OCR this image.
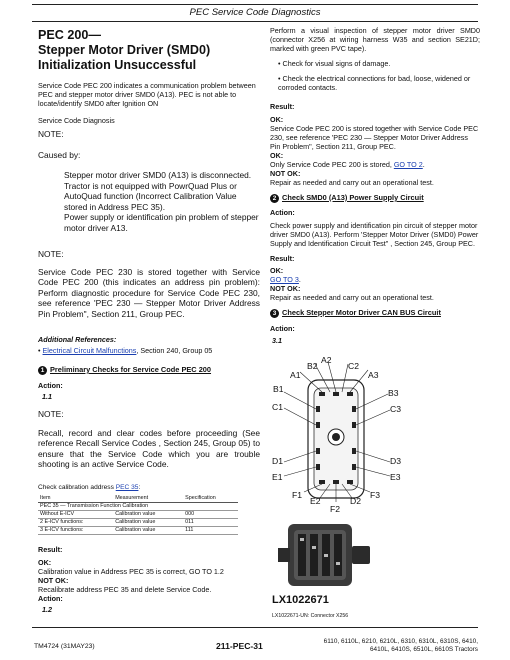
PEC Service Code Diagnostics
PEC 200—
Stepper Motor Driver (SMD0) Initialization Unsuccessful

Service Code PEC 200 indicates a communication problem between PEC and stepper motor driver SMD0 (A13). PEC is not able to locate/identify SMD0 after Ignition ON

Service Code Diagnosis

NOTE:

Caused by:

Stepper motor driver SMD0 (A13) is disconnected.
Tractor is not equipped with PowrQuad Plus or AutoQuad function (Incorrect Calibration Value stored in Address PEC 35).
Power supply or identification pin problem of stepper motor driver A13.

NOTE:

Service Code PEC 230 is stored together with Service Code PEC 200 (this indicates an address pin problem): Perform diagnostic procedure for Service Code PEC 230, see reference 'PEC 230 — Stepper Motor Driver Address Pin Problem", Section 211, Group PEC.

Additional References:

• Electrical Circuit Malfunctions, Section 240, Group 05

1 Preliminary Checks for Service Code PEC 200

Action:

1.1

NOTE:

Recall, record and clear codes before proceeding (See reference Recall Service Codes , Section 245, Group 05) to ensure that the Service Code which you are trouble shooting is an active Service Code.

Check calibration address PEC 35:

Item	Measurement	Specification
PEC 35 — Transmission Function Calibration		
Without E-ICV	Calibration value	000
2 E-ICV functions:	Calibration value	011
3 E-ICV functions:	Calibration value	111

Result:

OK:

Calibration value in Address PEC 35 is correct, GO TO 1.2

NOT OK:

Recalibrate address PEC 35 and delete Service Code.

Action:

1.2

Perform a visual inspection of stepper motor driver SMD0 (connector X256 at wiring harness W35 and section SE21D; marked with green PVC tape).

• Check for visual signs of damage.

• Check the electrical connections for bad, loose, widened or corroded contacts.

Result:

OK:

Service Code PEC 200 is stored together with Service Code PEC 230, see reference 'PEC 230 — Stepper Motor Driver Address Pin Problem", Section 211, Group PEC.

OK:

Only Service Code PEC 200 is stored, GO TO 2.

NOT OK:

Repair as needed and carry out an operational test.

2 Check SMD0 (A13) Power Supply Circuit

Action:

Check power supply and identification pin circuit of stepper motor driver SMD0 (A13). Perform 'Stepper Motor Driver (SMD0) Power Supply and Identification Circuit Test" , Section 245, Group PEC.

Result:

OK:

GO TO 3.

NOT OK:

Repair as needed and carry out an operational test.

3 Check Stepper Motor Driver CAN BUS Circuit

Action:

3.1

A2
B2	C2
A1	A3
B1	B3
C1	C3
D1	D3
E1	E3
F1	F3
E2	D2
F2
LX1022671
LX1022671-UN: Connector X256
TM4724 (31MAY23)	211-PEC-31	6110, 6110L, 6210, 6210L, 6310, 6310L, 6310S, 6410, 6410L, 6410S, 6510L, 6610S Tractors
